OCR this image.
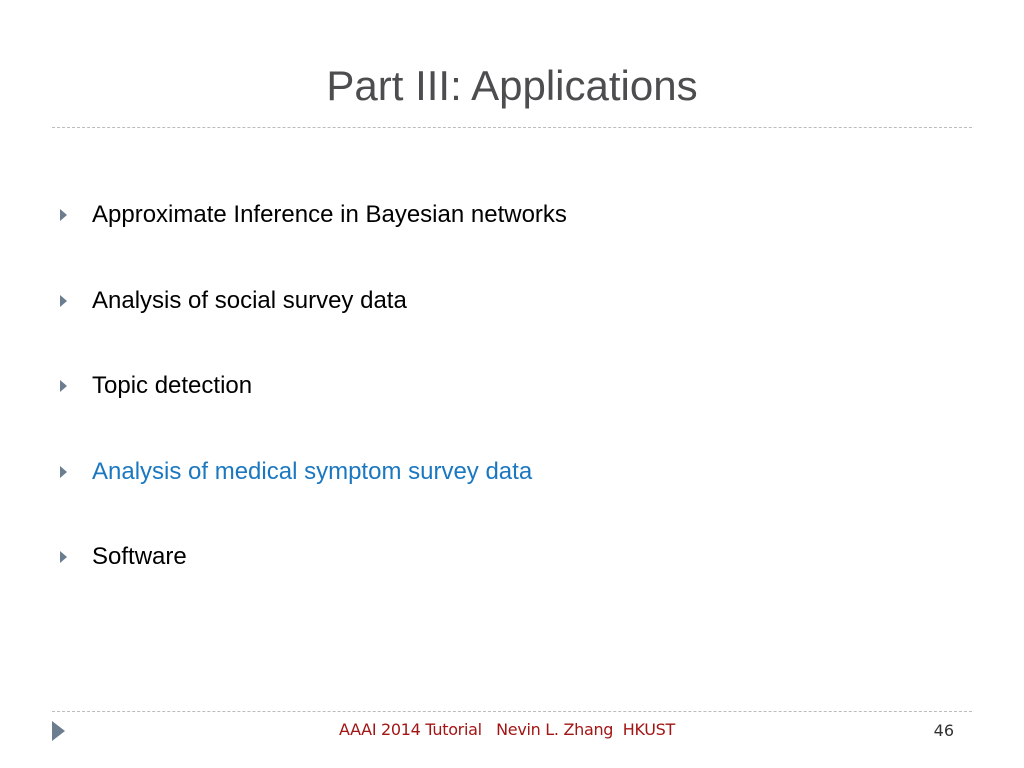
Part III: Applications
Approximate Inference in Bayesian networks
Analysis of social survey data
Topic detection
Analysis of medical symptom survey data
Software
AAAI 2014 Tutorial   Nevin L. Zhang  HKUST	46
